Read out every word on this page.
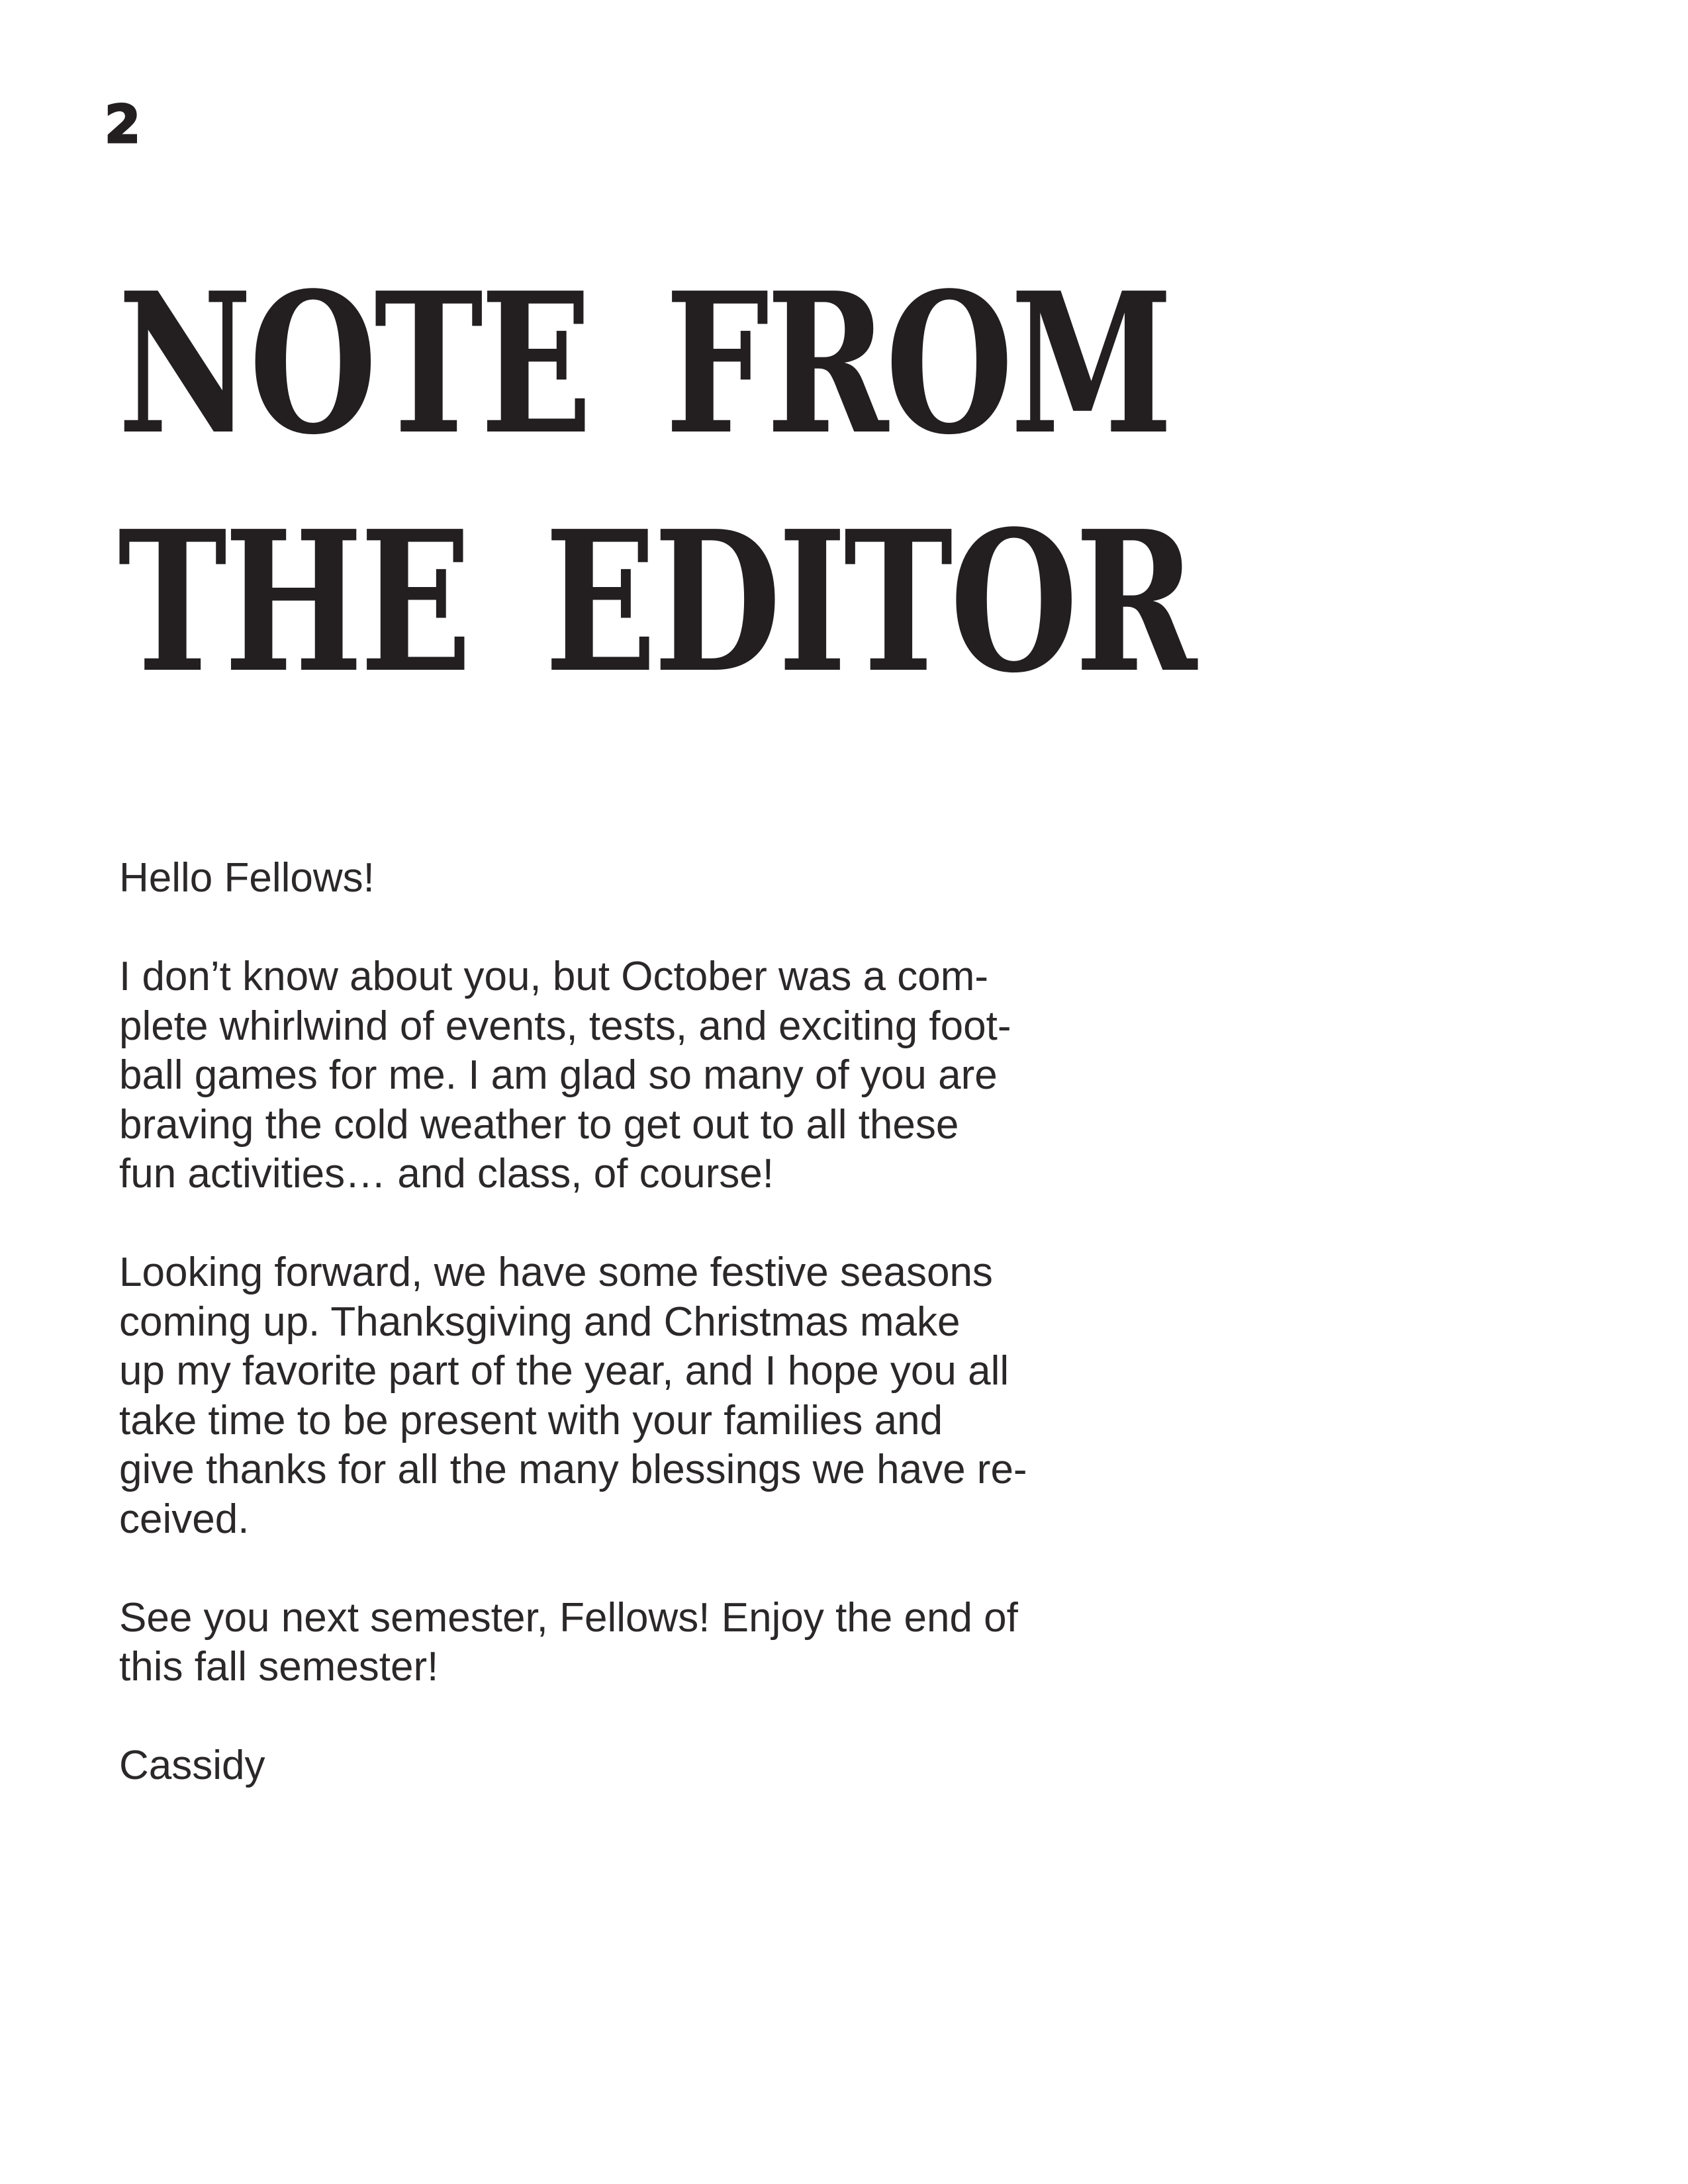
2
NOTE FROM
THE EDITOR

Hello Fellows!

I don’t know about you, but October was a com-
plete whirlwind of events, tests, and exciting foot-
ball games for me. I am glad so many of you are
braving the cold weather to get out to all these
fun activities… and class, of course!

Looking forward, we have some festive seasons
coming up. Thanksgiving and Christmas make
up my favorite part of the year, and I hope you all
take time to be present with your families and
give thanks for all the many blessings we have re-
ceived.

See you next semester, Fellows! Enjoy the end of
this fall semester!

Cassidy
